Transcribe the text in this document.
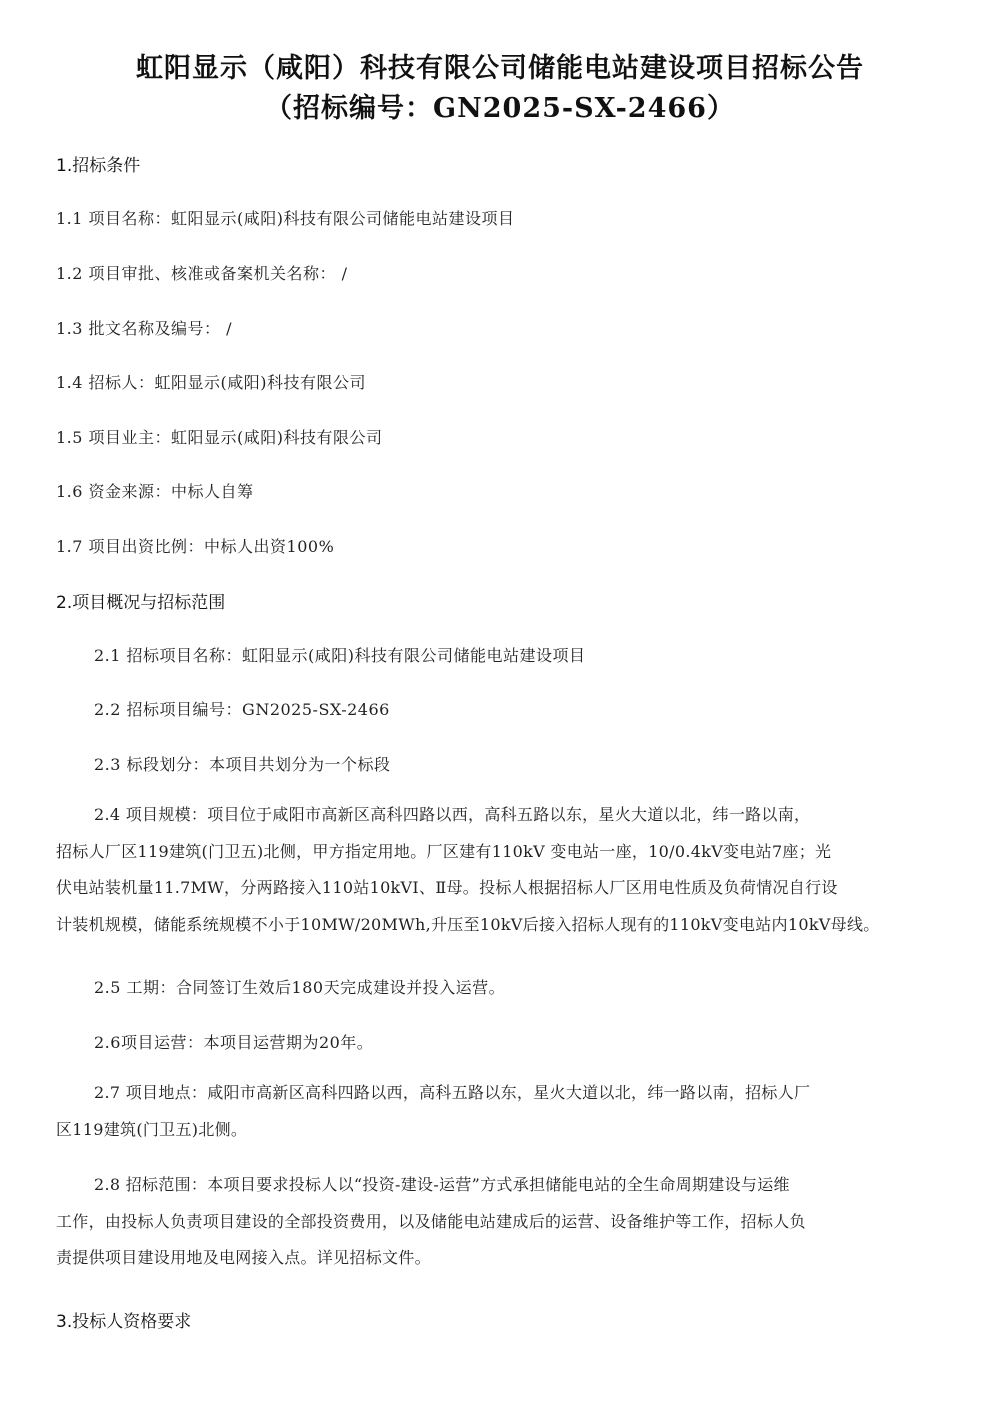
虹阳显示（咸阳）科技有限公司储能电站建设项目招标公告
（招标编号：GN2025-SX-2466）
1.招标条件
1.1 项目名称：虹阳显示(咸阳)科技有限公司储能电站建设项目
1.2 项目审批、核准或备案机关名称： /
1.3 批文名称及编号： /
1.4 招标人：虹阳显示(咸阳)科技有限公司
1.5 项目业主：虹阳显示(咸阳)科技有限公司
1.6 资金来源：中标人自筹
1.7 项目出资比例：中标人出资100%
2.项目概况与招标范围
2.1 招标项目名称：虹阳显示(咸阳)科技有限公司储能电站建设项目
2.2 招标项目编号：GN2025-SX-2466
2.3 标段划分：本项目共划分为一个标段
2.4 项目规模：项目位于咸阳市高新区高科四路以西，高科五路以东，星火大道以北，纬一路以南，
招标人厂区119建筑(门卫五)北侧，甲方指定用地。厂区建有110kV 变电站一座，10/0.4kV变电站7座；光
伏电站装机量11.7MW，分两路接入110站10kVI、Ⅱ母。投标人根据招标人厂区用电性质及负荷情况自行设
计装机规模，储能系统规模不小于10MW/20MWh,升压至10kV后接入招标人现有的110kV变电站内10kV母线。
2.5 工期：合同签订生效后180天完成建设并投入运营。
2.6项目运营：本项目运营期为20年。
2.7 项目地点：咸阳市高新区高科四路以西，高科五路以东，星火大道以北，纬一路以南，招标人厂
区119建筑(门卫五)北侧。
2.8 招标范围：本项目要求投标人以“投资-建设-运营”方式承担储能电站的全生命周期建设与运维
工作，由投标人负责项目建设的全部投资费用，以及储能电站建成后的运营、设备维护等工作，招标人负
责提供项目建设用地及电网接入点。详见招标文件。
3.投标人资格要求
